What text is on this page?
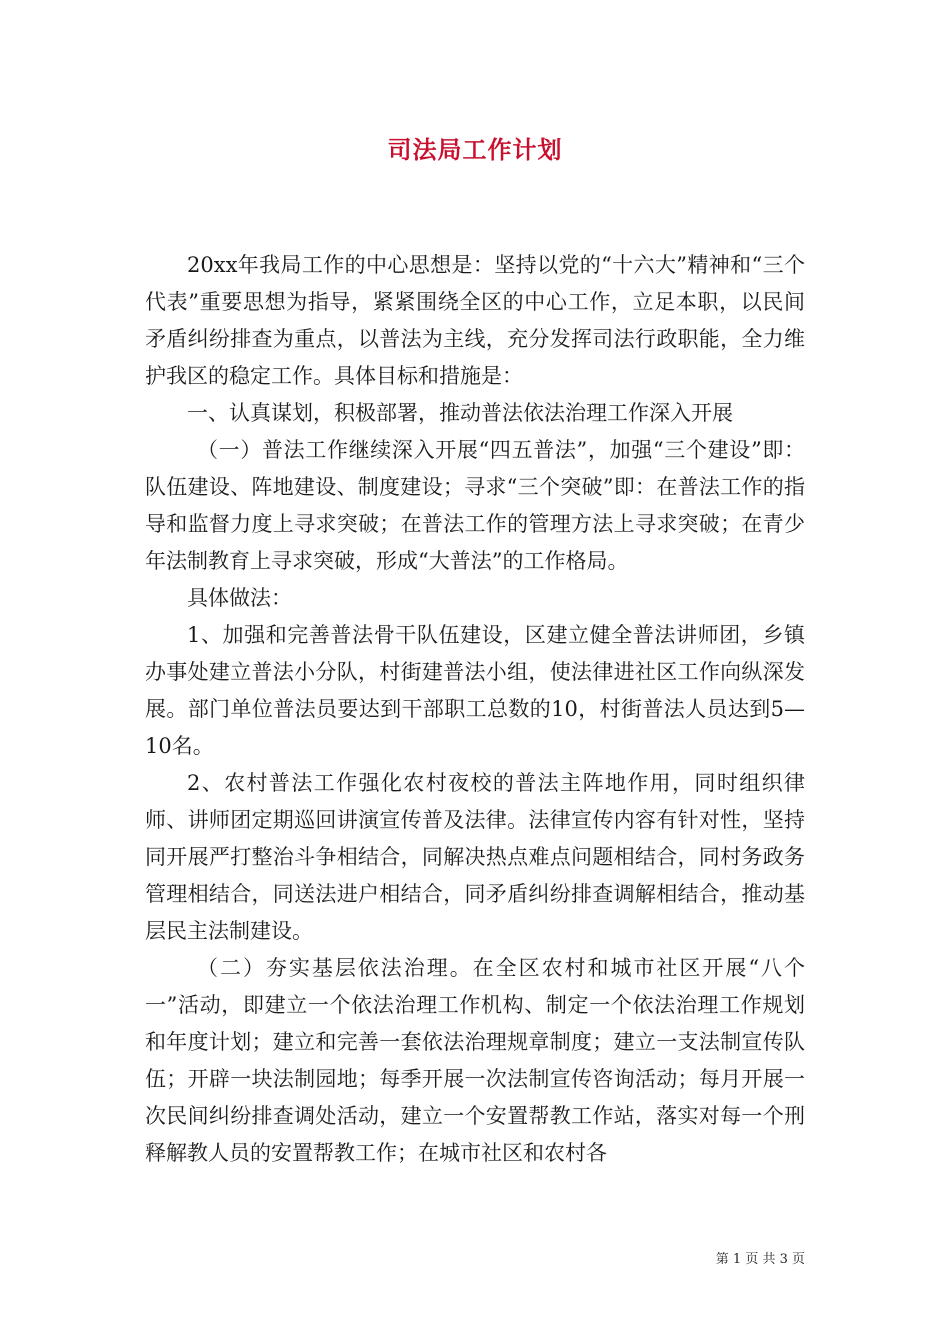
司法局工作计划

20xx年我局工作的中心思想是：坚持以党的“十六大”精神和“三个代表”重要思想为指导，紧紧围绕全区的中心工作，立足本职，以民间矛盾纠纷排查为重点，以普法为主线，充分发挥司法行政职能，全力维护我区的稳定工作。具体目标和措施是：

一、认真谋划，积极部署，推动普法依法治理工作深入开展

（一）普法工作继续深入开展“四五普法”，加强“三个建设”即：队伍建设、阵地建设、制度建设；寻求“三个突破”即：在普法工作的指导和监督力度上寻求突破；在普法工作的管理方法上寻求突破；在青少年法制教育上寻求突破，形成“大普法”的工作格局。

具体做法：

1、加强和完善普法骨干队伍建设，区建立健全普法讲师团，乡镇办事处建立普法小分队，村街建普法小组，使法律进社区工作向纵深发展。部门单位普法员要达到干部职工总数的10，村街普法人员达到5—10名。

2、农村普法工作强化农村夜校的普法主阵地作用，同时组织律师、讲师团定期巡回讲演宣传普及法律。法律宣传内容有针对性，坚持同开展严打整治斗争相结合，同解决热点难点问题相结合，同村务政务管理相结合，同送法进户相结合，同矛盾纠纷排查调解相结合，推动基层民主法制建设。

（二）夯实基层依法治理。在全区农村和城市社区开展“八个一”活动，即建立一个依法治理工作机构、制定一个依法治理工作规划和年度计划；建立和完善一套依法治理规章制度；建立一支法制宣传队伍；开辟一块法制园地；每季开展一次法制宣传咨询活动；每月开展一次民间纠纷排查调处活动，建立一个安置帮教工作站，落实对每一个刑释解教人员的安置帮教工作；在城市社区和农村各

第 1 页 共 3 页
